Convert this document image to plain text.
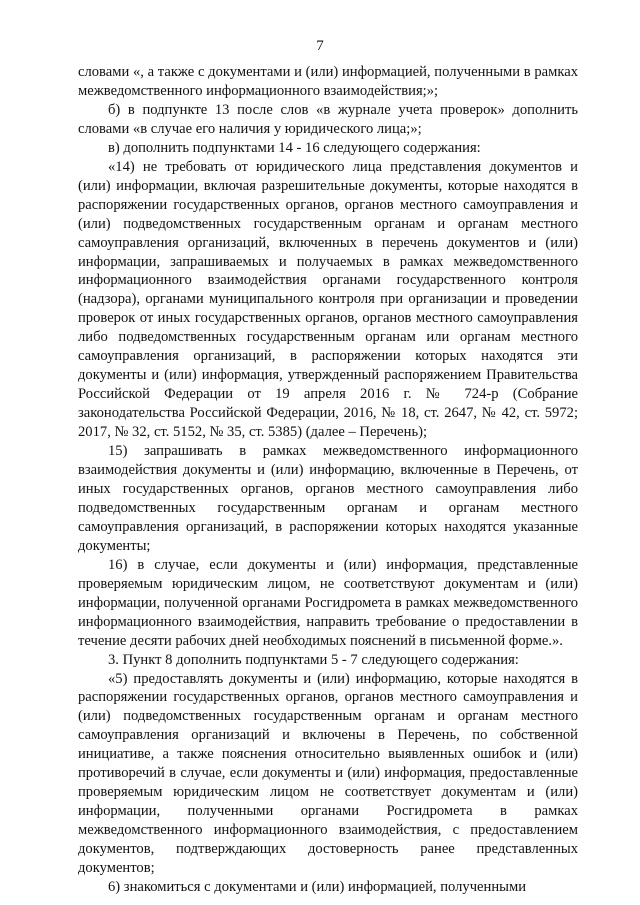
7

словами «, а также с документами и (или) информацией, полученными в рамках межведомственного информационного взаимодействия;»;

б) в подпункте 13 после слов «в журнале учета проверок» дополнить словами «в случае его наличия у юридического лица;»;

в) дополнить подпунктами 14 - 16 следующего содержания:

«14) не требовать от юридического лица представления документов и (или) информации, включая разрешительные документы, которые находятся в распоряжении государственных органов, органов местного самоуправления и (или) подведомственных государственным органам и органам местного самоуправления организаций, включенных в перечень документов и (или) информации, запрашиваемых и получаемых в рамках межведомственного информационного взаимодействия органами государственного контроля (надзора), органами муниципального контроля при организации и проведении проверок от иных государственных органов, органов местного самоуправления либо подведомственных государственным органам или органам местного самоуправления организаций, в распоряжении которых находятся эти документы и (или) информация, утвержденный распоряжением Правительства Российской Федерации от 19 апреля 2016 г. № 724-р (Собрание законодательства Российской Федерации, 2016, № 18, ст. 2647, № 42, ст. 5972; 2017, № 32, ст. 5152, № 35, ст. 5385) (далее – Перечень);

15) запрашивать в рамках межведомственного информационного взаимодействия документы и (или) информацию, включенные в Перечень, от иных государственных органов, органов местного самоуправления либо подведомственных государственным органам и органам местного самоуправления организаций, в распоряжении которых находятся указанные документы;

16) в случае, если документы и (или) информация, представленные проверяемым юридическим лицом, не соответствуют документам и (или) информации, полученной органами Росгидромета в рамках межведомственного информационного взаимодействия, направить требование о предоставлении в течение десяти рабочих дней необходимых пояснений в письменной форме.».

3. Пункт 8 дополнить подпунктами 5 - 7 следующего содержания:

«5) предоставлять документы и (или) информацию, которые находятся в распоряжении государственных органов, органов местного самоуправления и (или) подведомственных государственным органам и органам местного самоуправления организаций и включены в Перечень, по собственной инициативе, а также пояснения относительно выявленных ошибок и (или) противоречий в случае, если документы и (или) информация, предоставленные проверяемым юридическим лицом не соответствует документам и (или) информации, полученными органами Росгидромета в рамках межведомственного информационного взаимодействия, с предоставлением документов, подтверждающих достоверность ранее представленных документов;

6) знакомиться с документами и (или) информацией, полученными
